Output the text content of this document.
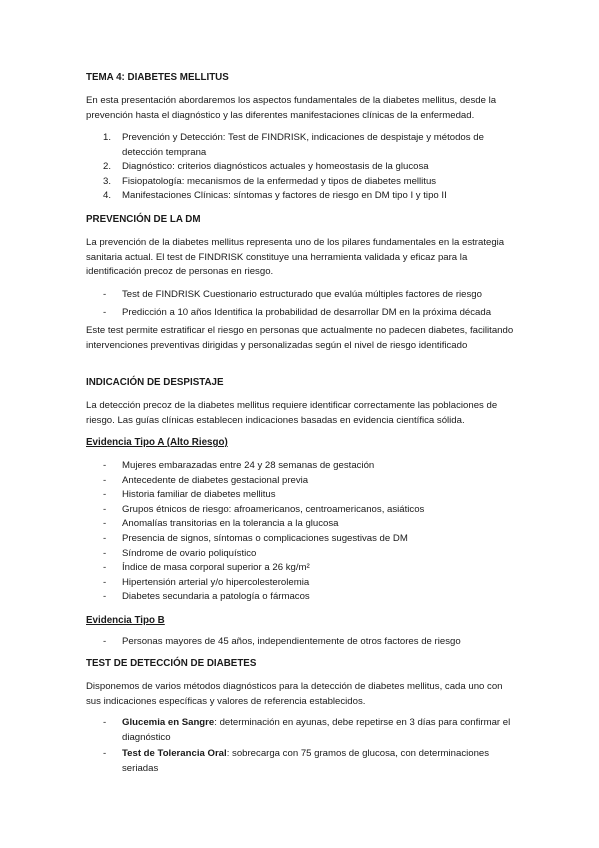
TEMA 4: DIABETES MELLITUS

En esta presentación abordaremos los aspectos fundamentales de la diabetes mellitus, desde la prevención hasta el diagnóstico y las diferentes manifestaciones clínicas de la enfermedad.

1. Prevención y Detección: Test de FINDRISK, indicaciones de despistaje y métodos de detección temprana
2. Diagnóstico: criterios diagnósticos actuales y homeostasis de la glucosa
3. Fisiopatología: mecanismos de la enfermedad y tipos de diabetes mellitus
4. Manifestaciones Clínicas: síntomas y factores de riesgo en DM tipo I y tipo II

PREVENCIÓN DE LA DM

La prevención de la diabetes mellitus representa uno de los pilares fundamentales en la estrategia sanitaria actual. El test de FINDRISK constituye una herramienta validada y eficaz para la identificación precoz de personas en riesgo.

- Test de FINDRISK Cuestionario estructurado que evalúa múltiples factores de riesgo
- Predicción a 10 años Identifica la probabilidad de desarrollar DM en la próxima década

Este test permite estratificar el riesgo en personas que actualmente no padecen diabetes, facilitando intervenciones preventivas dirigidas y personalizadas según el nivel de riesgo identificado

INDICACIÓN DE DESPISTAJE

La detección precoz de la diabetes mellitus requiere identificar correctamente las poblaciones de riesgo. Las guías clínicas establecen indicaciones basadas en evidencia científica sólida.

Evidencia Tipo A (Alto Riesgo)

- Mujeres embarazadas entre 24 y 28 semanas de gestación
- Antecedente de diabetes gestacional previa
- Historia familiar de diabetes mellitus
- Grupos étnicos de riesgo: afroamericanos, centroamericanos, asiáticos
- Anomalías transitorias en la tolerancia a la glucosa
- Presencia de signos, síntomas o complicaciones sugestivas de DM
- Síndrome de ovario poliquístico
- Índice de masa corporal superior a 26 kg/m²
- Hipertensión arterial y/o hipercolesterolemia
- Diabetes secundaria a patología o fármacos

Evidencia Tipo B

- Personas mayores de 45 años, independientemente de otros factores de riesgo

TEST DE DETECCIÓN DE DIABETES

Disponemos de varios métodos diagnósticos para la detección de diabetes mellitus, cada uno con sus indicaciones específicas y valores de referencia establecidos.

- Glucemia en Sangre: determinación en ayunas, debe repetirse en 3 días para confirmar el diagnóstico
- Test de Tolerancia Oral: sobrecarga con 75 gramos de glucosa, con determinaciones seriadas
